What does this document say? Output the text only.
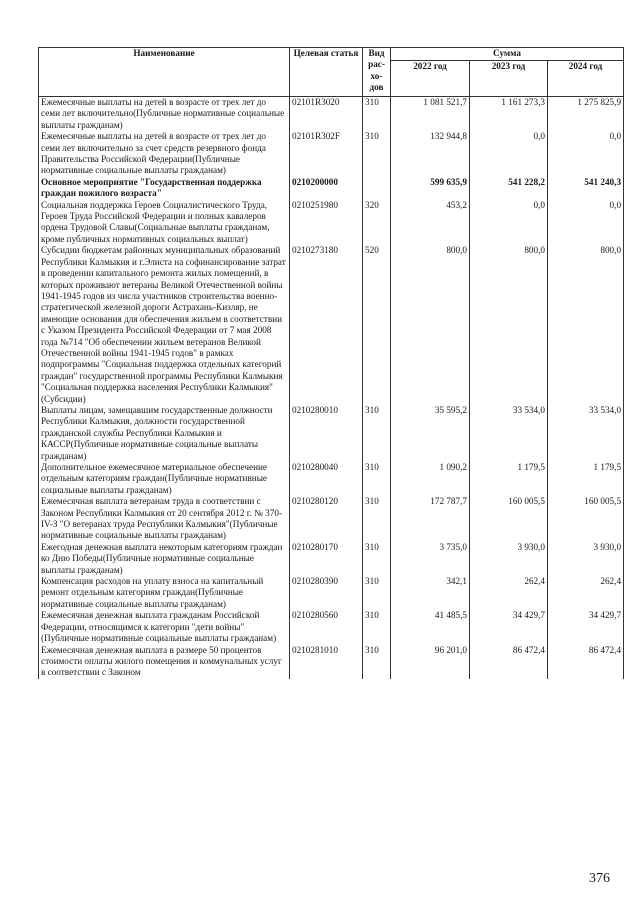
Наименование	Целевая статья	Вид рас-хо-дов	Сумма		
			2022 год	2023 год	2024 год
Ежемесячные выплаты на детей в возрасте от трех лет до семи лет включительно(Публичные нормативные социальные выплаты гражданам)	02101R3020	310	1 081 521,7	1 161 273,3	1 275 825,9
Ежемесячные выплаты на детей в возрасте от трех лет до семи лет включительно за счет средств резервного фонда Правительства Российской Федерации(Публичные нормативные социальные выплаты гражданам)	02101R302F	310	132 944,8	0,0	0,0
Основное мероприятие "Государственная поддержка граждан пожилого возраста"	0210200000		599 635,9	541 228,2	541 240,3
Социальная поддержка Героев Социалистического Труда, Героев Труда Российской Федерации и полных кавалеров ордена Трудовой Славы(Социальные выплаты гражданам, кроме публичных нормативных социальных выплат)	0210251980	320	453,2	0,0	0,0
Субсидии бюджетам районных муниципальных образований Республики Калмыкия и г.Элиста на софинансирование затрат в проведении капитального ремонта жилых помещений, в которых проживают ветераны Великой Отечественной войны 1941-1945 годов из числа участников строительства военно-стратегической железной дороги Астрахань-Кизляр, не имеющие основания для обеспечения жильем в соответствии с Указом Президента Российской Федерации от 7 мая 2008 года №714 "Об обеспечении жильем ветеранов Великой Отечественной войны 1941-1945 годов" в рамках подпрограммы "Социальная поддержка отдельных категорий граждан" государственной программы Республики Калмыкия "Социальная поддержка населения Республики Калмыкия"(Субсидии)	0210273180	520	800,0	800,0	800,0
Выплаты лицам, замещавшим государственные должности Республики Калмыкия, должности государственной гражданской службы Республики Калмыкия и КАССР(Публичные нормативные социальные выплаты гражданам)	0210280010	310	35 595,2	33 534,0	33 534,0
Дополнительное ежемесячное материальное обеспечение отдельным категориям граждан(Публичные нормативные социальные выплаты гражданам)	0210280040	310	1 090,2	1 179,5	1 179,5
Ежемесячная выплата ветеранам труда в соответствии с Законом Республики Калмыкия от 20 сентября 2012 г. № 370-IV-З "О ветеранах труда Республики Калмыкия"(Публичные нормативные социальные выплаты гражданам)	0210280120	310	172 787,7	160 005,5	160 005,5
Ежегодная денежная выплата некоторым категориям граждан ко Дню Победы(Публичные нормативные социальные выплаты гражданам)	0210280170	310	3 735,0	3 930,0	3 930,0
Компенсация расходов на уплату взноса на капитальный ремонт отдельным категориям граждан(Публичные нормативные социальные выплаты гражданам)	0210280390	310	342,1	262,4	262,4
Ежемесячная денежная выплата гражданам Российской Федерации, относящимся к категории "дети войны"(Публичные нормативные социальные выплаты гражданам)	0210280560	310	41 485,5	34 429,7	34 429,7
Ежемесячная денежная выплата в размере 50 процентов стоимости оплаты жилого помещения и коммунальных услуг в соответствии с Законом	0210281010	310	96 201,0	86 472,4	86 472,4
376
